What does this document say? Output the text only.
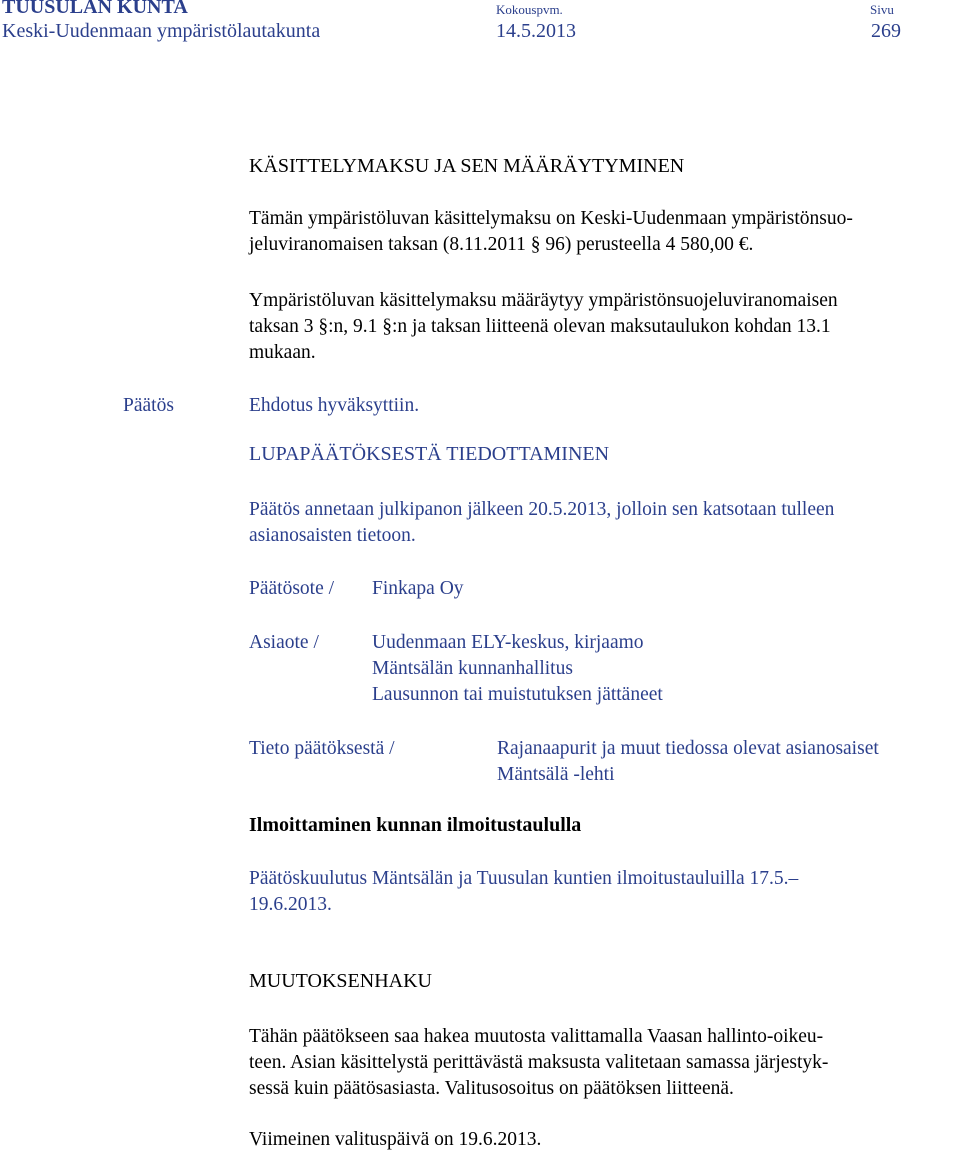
TUUSULAN KUNTA
Keski-Uudenmaan ympäristölautakunta
Kokouspvm.
14.5.2013
Sivu
269
KÄSITTELYMAKSU JA SEN MÄÄRÄYTYMINEN
Tämän ympäristöluvan käsittelymaksu on Keski-Uudenmaan ympäristönsuo-
jeluviranomaisen taksan (8.11.2011 § 96) perusteella 4 580,00 €.
Ympäristöluvan käsittelymaksu määräytyy ympäristönsuojeluviranomaisen
taksan 3 §:n, 9.1 §:n ja taksan liitteenä olevan maksutaulukon kohdan 13.1
mukaan.
Päätös	Ehdotus hyväksyttiin.
LUPAPÄÄTÖKSESTÄ TIEDOTTAMINEN
Päätös annetaan julkipanon jälkeen 20.5.2013, jolloin sen katsotaan tulleen
asianosaisten tietoon.
Päätösote / Finkapa Oy
Asiaote /	Uudenmaan ELY-keskus, kirjaamo
Mäntsälän kunnanhallitus
Lausunnon tai muistutuksen jättäneet
Tieto päätöksestä /	Rajanaapurit ja muut tiedossa olevat asianosaiset
Mäntsälä -lehti
Ilmoittaminen kunnan ilmoitustaululla
Päätöskuulutus Mäntsälän ja Tuusulan kuntien ilmoitustauluilla 17.5.–
19.6.2013.
MUUTOKSENHAKU
Tähän päätökseen saa hakea muutosta valittamalla Vaasan hallinto-oikeu-
teen. Asian käsittelystä perittävästä maksusta valitetaan samassa järjestyk-
sessä kuin päätösasiasta. Valitusosoitus on päätöksen liitteenä.
Viimeinen valituspäivä on 19.6.2013.
